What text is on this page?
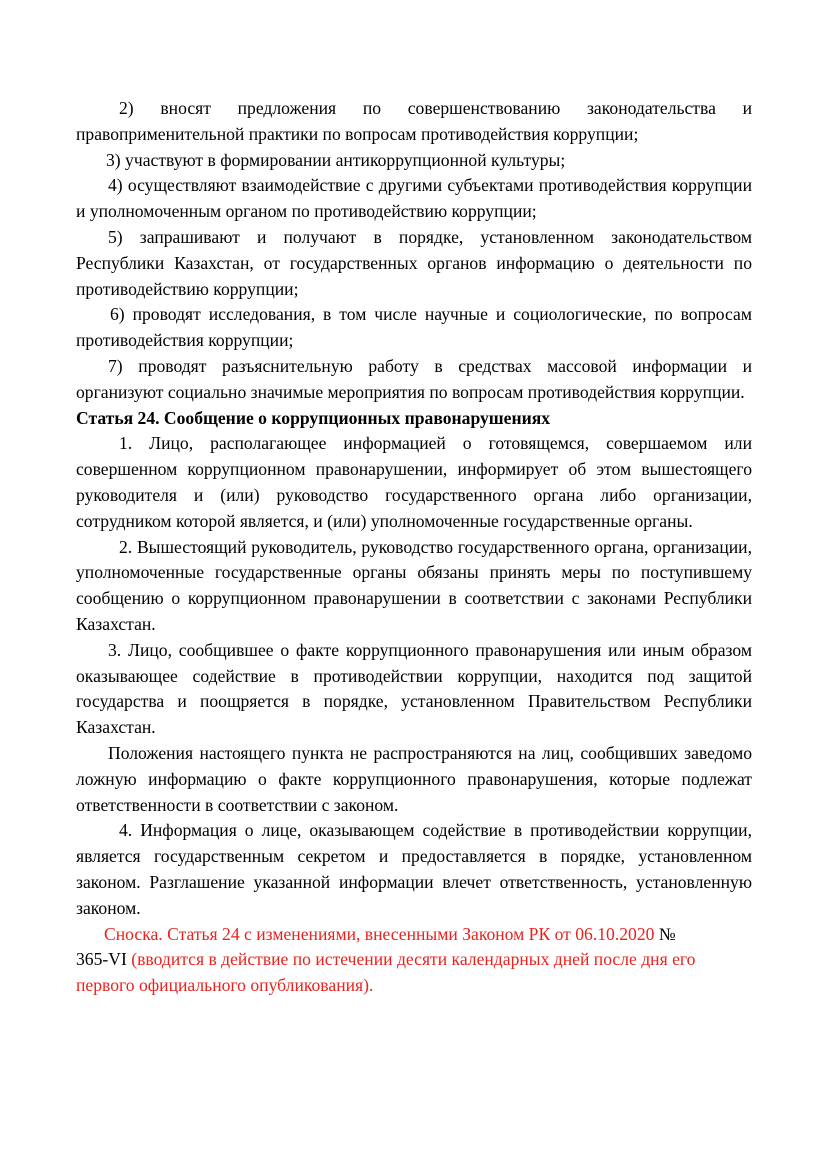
2) вносят предложения по совершенствованию законодательства и правоприменительной практики по вопросам противодействия коррупции;

3) участвуют в формировании антикоррупционной культуры;

4) осуществляют взаимодействие с другими субъектами противодействия коррупции и уполномоченным органом по противодействию коррупции;

5) запрашивают и получают в порядке, установленном законодательством Республики Казахстан, от государственных органов информацию о деятельности по противодействию коррупции;

6) проводят исследования, в том числе научные и социологические, по вопросам противодействия коррупции;

7) проводят разъяснительную работу в средствах массовой информации и организуют социально значимые мероприятия по вопросам противодействия коррупции.

Статья 24. Сообщение о коррупционных правонарушениях

1. Лицо, располагающее информацией о готовящемся, совершаемом или совершенном коррупционном правонарушении, информирует об этом вышестоящего руководителя и (или) руководство государственного органа либо организации, сотрудником которой является, и (или) уполномоченные государственные органы.

2. Вышестоящий руководитель, руководство государственного органа, организации, уполномоченные государственные органы обязаны принять меры по поступившему сообщению о коррупционном правонарушении в соответствии с законами Республики Казахстан.

3. Лицо, сообщившее о факте коррупционного правонарушения или иным образом оказывающее содействие в противодействии коррупции, находится под защитой государства и поощряется в порядке, установленном Правительством Республики Казахстан.

Положения настоящего пункта не распространяются на лиц, сообщивших заведомо ложную информацию о факте коррупционного правонарушения, которые подлежат ответственности в соответствии с законом.

4. Информация о лице, оказывающем содействие в противодействии коррупции, является государственным секретом и предоставляется в порядке, установленном законом. Разглашение указанной информации влечет ответственность, установленную законом.

Сноска. Статья 24 с изменениями, внесенными Законом РК от 06.10.2020 №
365-VI (вводится в действие по истечении десяти календарных дней после дня его первого официального опубликования).
